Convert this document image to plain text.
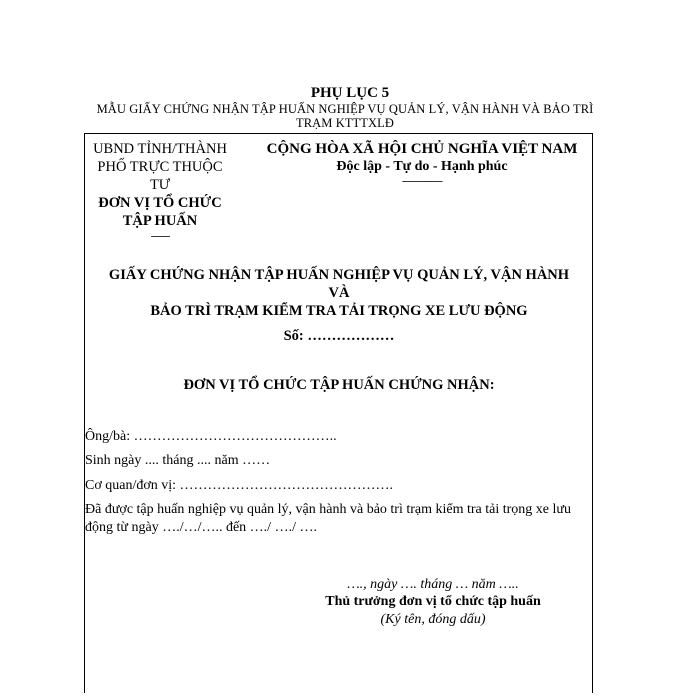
PHỤ LỤC 5
MẪU GIẤY CHỨNG NHẬN TẬP HUẤN NGHIỆP VỤ QUẢN LÝ, VẬN HÀNH VÀ BẢO TRÌ TRẠM KTTTXLĐ
UBND TỈNH/THÀNH PHỐ TRỰC THUỘC TƯ
ĐƠN VỊ TỔ CHỨC TẬP HUẤN
-------
CỘNG HÒA XÃ HỘI CHỦ NGHĨA VIỆT NAM
Độc lập - Tự do - Hạnh phúc
---------------
GIẤY CHỨNG NHẬN TẬP HUẤN NGHIỆP VỤ QUẢN LÝ, VẬN HÀNH
VÀ
BẢO TRÌ TRẠM KIỂM TRA TẢI TRỌNG XE LƯU ĐỘNG
Số: ………………
ĐƠN VỊ TỔ CHỨC TẬP HUẤN CHỨNG NHẬN:
Ông/bà: ……………………………………..
Sinh ngày .... tháng .... năm ……
Cơ quan/đơn vị: ……………………………………….
Đã được tập huấn nghiệp vụ quản lý, vận hành và bảo trì trạm kiểm tra tải trọng xe lưu động từ ngày …./…/….. đến …./ …./ ….
…., ngày …. tháng … năm …..
Thủ trưởng đơn vị tổ chức tập huấn
(Ký tên, đóng dấu)
